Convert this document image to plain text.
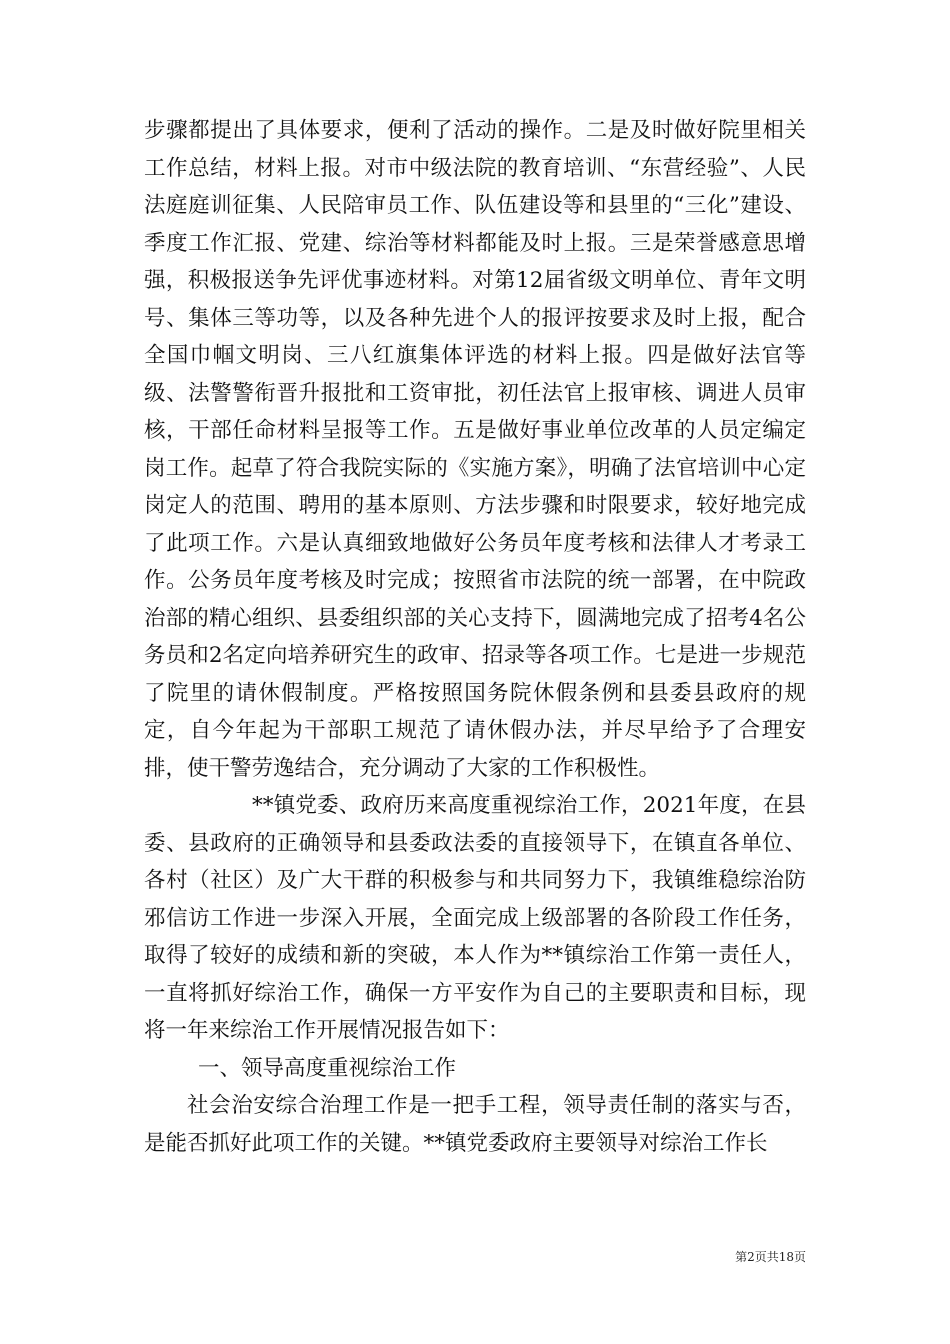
步骤都提出了具体要求，便利了活动的操作。二是及时做好院里相关工作总结，材料上报。对市中级法院的教育培训、“东营经验”、人民法庭庭训征集、人民陪审员工作、队伍建设等和县里的“三化”建设、季度工作汇报、党建、综治等材料都能及时上报。三是荣誉感意思增强，积极报送争先评优事迹材料。对第12届省级文明单位、青年文明号、集体三等功等，以及各种先进个人的报评按要求及时上报，配合全国巾帼文明岗、三八红旗集体评选的材料上报。四是做好法官等级、法警警衔晋升报批和工资审批，初任法官上报审核、调进人员审核，干部任命材料呈报等工作。五是做好事业单位改革的人员定编定岗工作。起草了符合我院实际的《实施方案》，明确了法官培训中心定岗定人的范围、聘用的基本原则、方法步骤和时限要求，较好地完成了此项工作。六是认真细致地做好公务员年度考核和法律人才考录工作。公务员年度考核及时完成；按照省市法院的统一部署，在中院政治部的精心组织、县委组织部的关心支持下，圆满地完成了招考4名公务员和2名定向培养研究生的政审、招录等各项工作。七是进一步规范了院里的请休假制度。严格按照国务院休假条例和县委县政府的规定，自今年起为干部职工规范了请休假办法，并尽早给予了合理安排，使干警劳逸结合，充分调动了大家的工作积极性。

**镇党委、政府历来高度重视综治工作，2021年度，在县委、县政府的正确领导和县委政法委的直接领导下，在镇直各单位、各村（社区）及广大干群的积极参与和共同努力下，我镇维稳综治防邪信访工作进一步深入开展，全面完成上级部署的各阶段工作任务，取得了较好的成绩和新的突破，本人作为**镇综治工作第一责任人，一直将抓好综治工作，确保一方平安作为自己的主要职责和目标，现将一年来综治工作开展情况报告如下：

一、领导高度重视综治工作

社会治安综合治理工作是一把手工程，领导责任制的落实与否，是能否抓好此项工作的关键。**镇党委政府主要领导对综治工作长

第2页共18页
